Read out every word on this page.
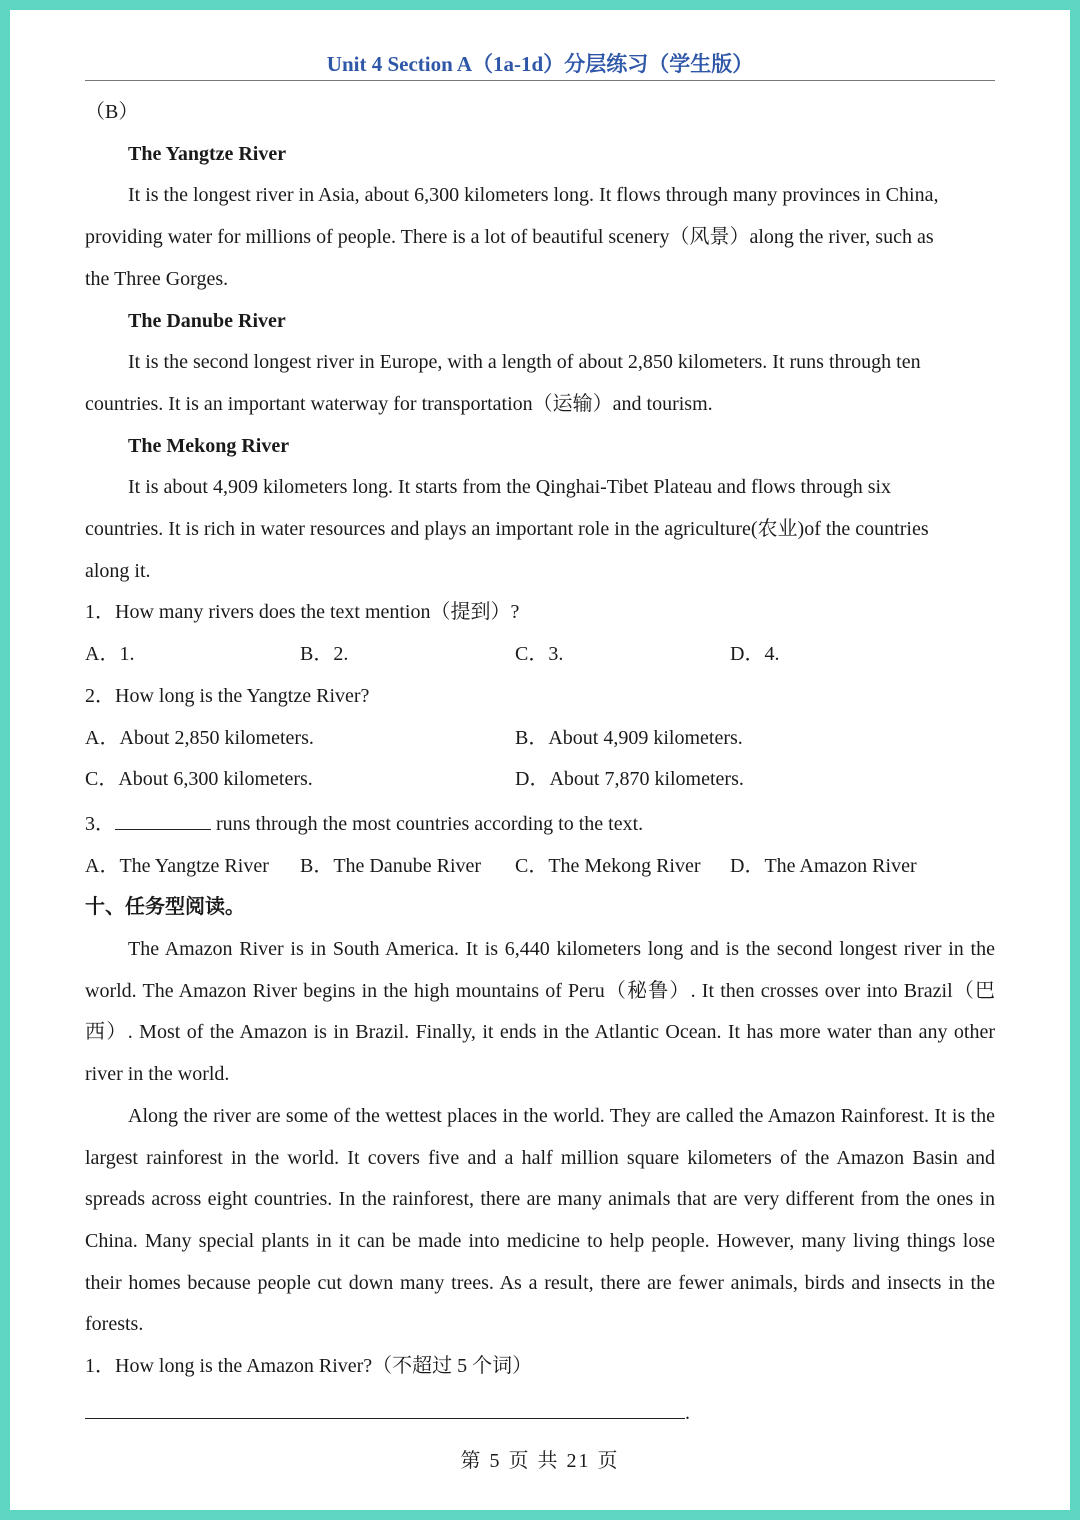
Unit 4 Section A（1a-1d）分层练习（学生版）
（B）
The Yangtze River
It is the longest river in Asia, about 6,300 kilometers long. It flows through many provinces in China,
providing water for millions of people. There is a lot of beautiful scenery（风景）along the river, such as
the Three Gorges.
The Danube River
It is the second longest river in Europe, with a length of about 2,850 kilometers. It runs through ten
countries. It is an important waterway for transportation（运输）and tourism.
The Mekong River
It is about 4,909 kilometers long. It starts from the Qinghai-Tibet Plateau and flows through six
countries. It is rich in water resources and plays an important role in the agriculture(农业)of the countries
along it.
1．How many rivers does the text mention（提到）?
A．1.	B．2.	C．3.	D．4.
2．How long is the Yangtze River?
A．About 2,850 kilometers.	B．About 4,909 kilometers.
C．About 6,300 kilometers.	D．About 7,870 kilometers.
3．	runs through the most countries according to the text.
A．The Yangtze River	B．The Danube River	C．The Mekong River	D．The Amazon River
十、任务型阅读。

The Amazon River is in South America. It is 6,440 kilometers long and is the second longest river in the world. The Amazon River begins in the high mountains of Peru（秘鲁）. It then crosses over into Brazil（巴西）. Most of the Amazon is in Brazil. Finally, it ends in the Atlantic Ocean. It has more water than any other river in the world.

Along the river are some of the wettest places in the world. They are called the Amazon Rainforest. It is the largest rainforest in the world. It covers five and a half million square kilometers of the Amazon Basin and spreads across eight countries. In the rainforest, there are many animals that are very different from the ones in China. Many special plants in it can be made into medicine to help people. However, many living things lose their homes because people cut down many trees. As a result, there are fewer animals, birds and insects in the forests.

1．How long is the Amazon River?（不超过 5 个词）
.
第 5 页 共 21 页
